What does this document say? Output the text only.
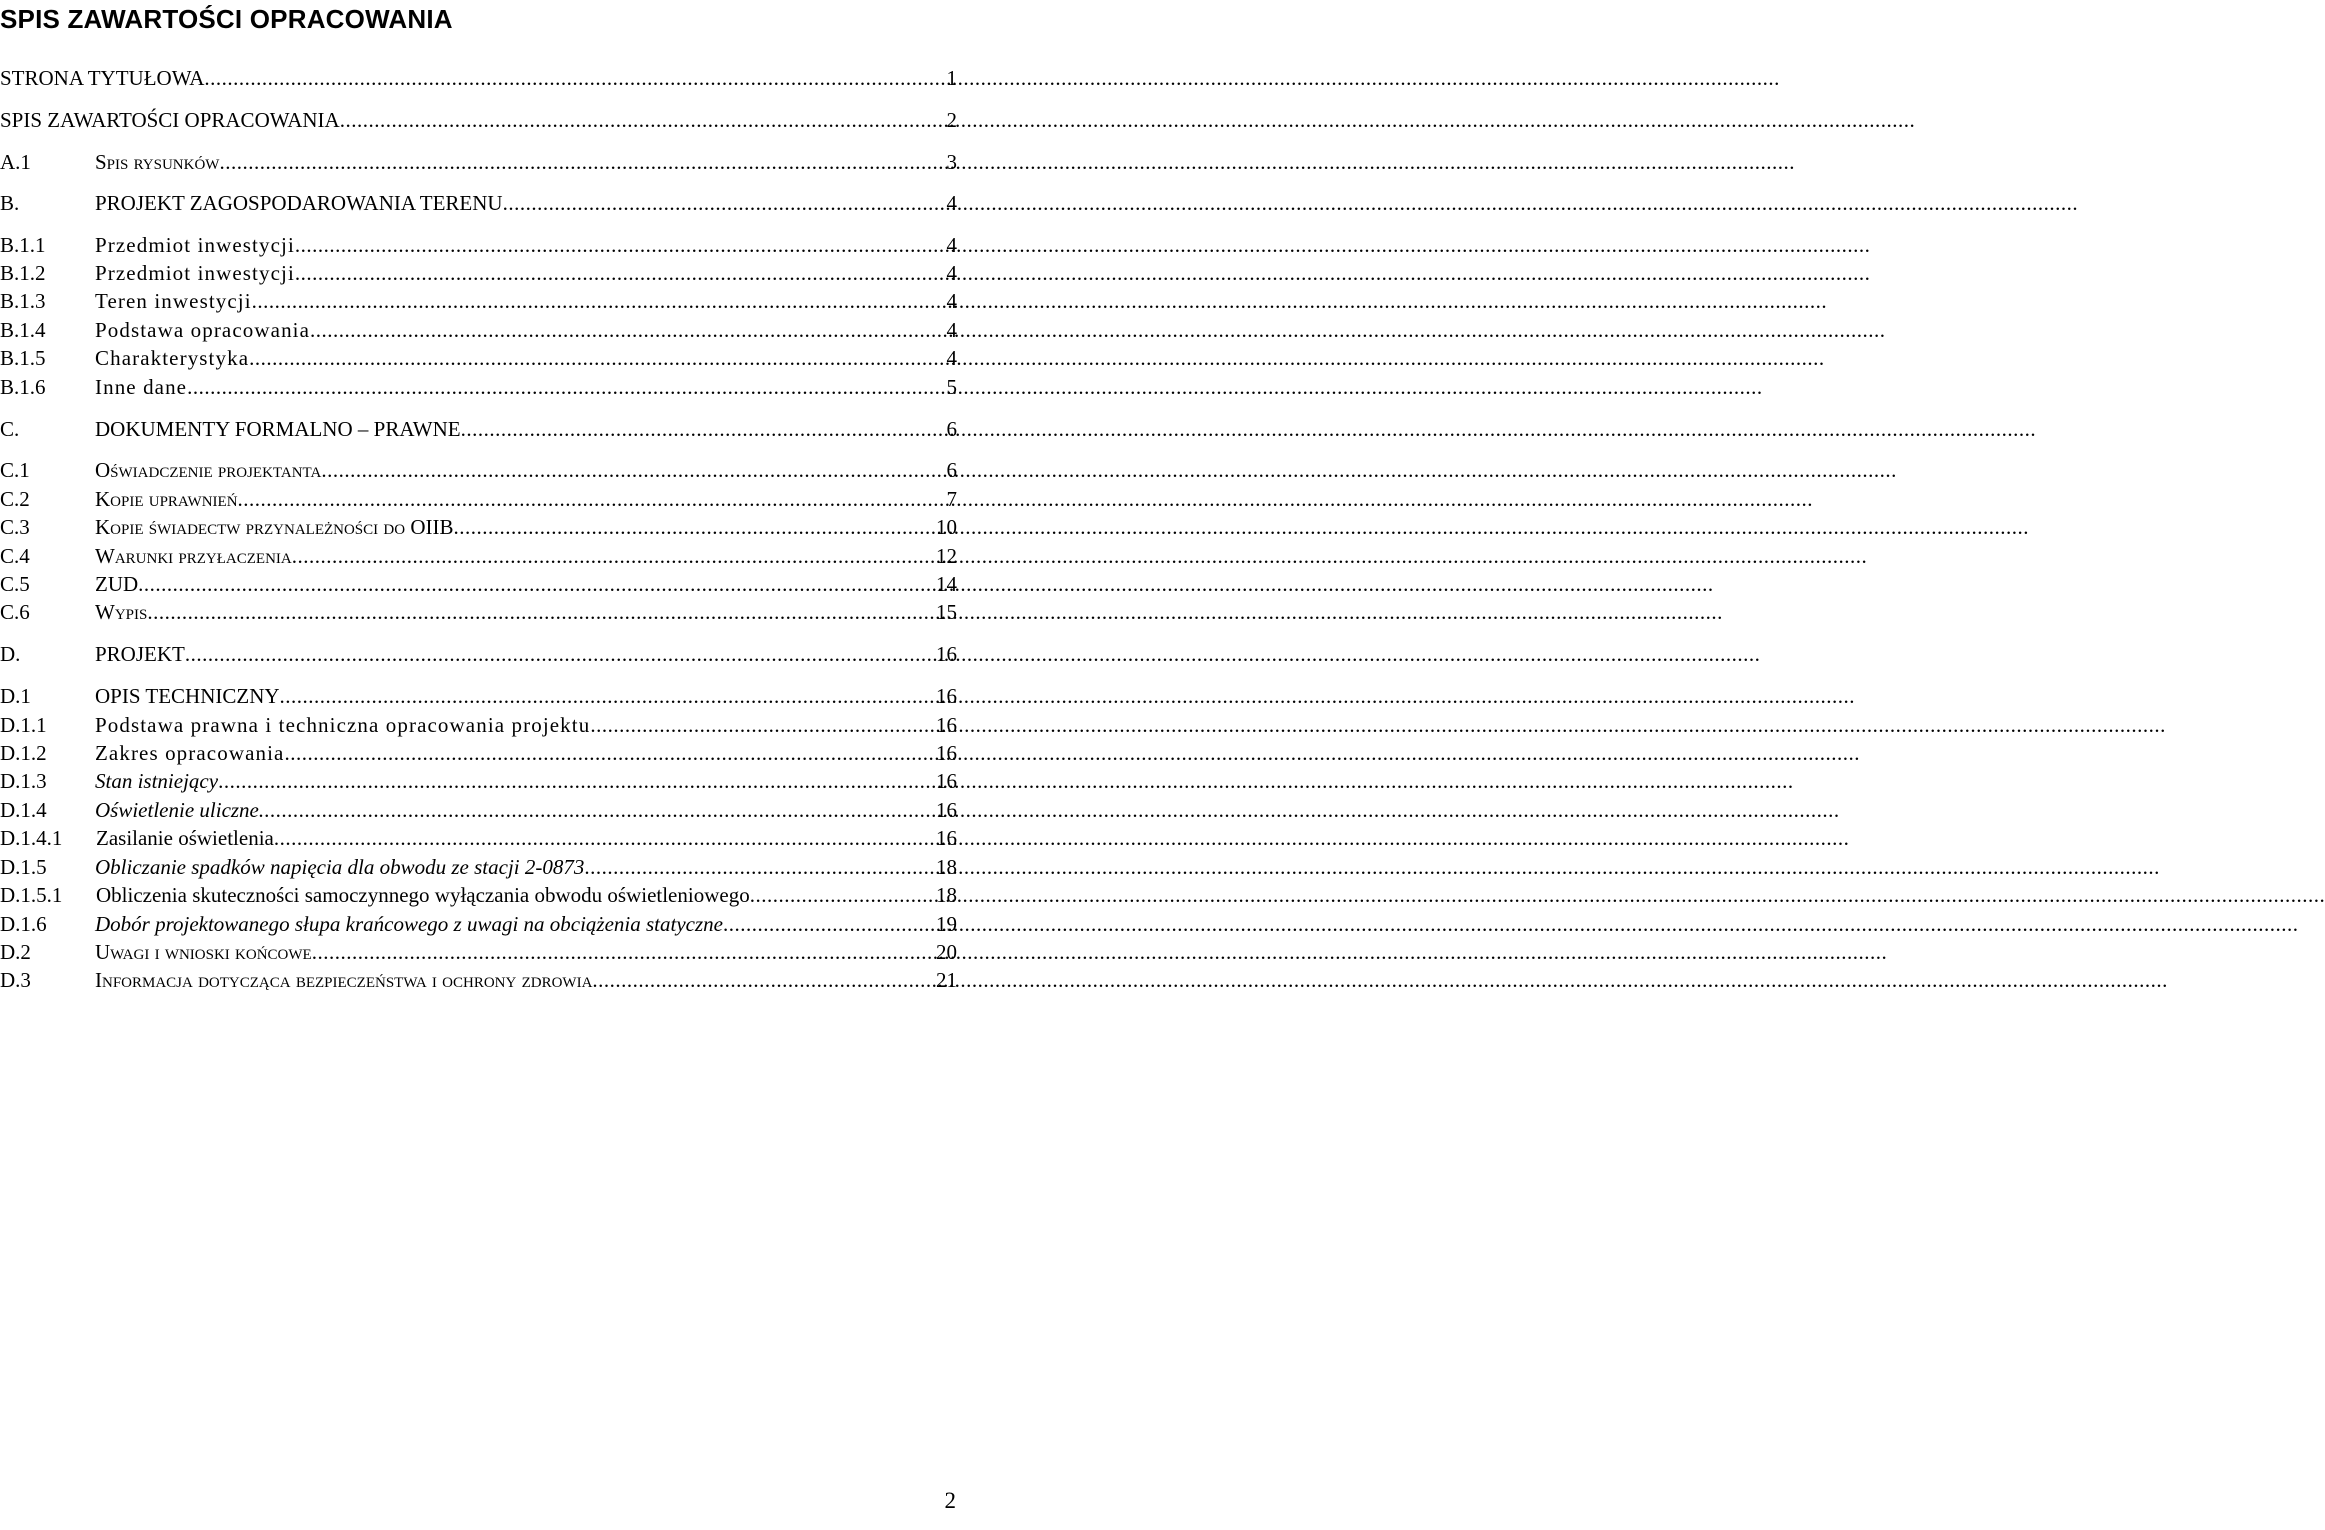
SPIS ZAWARTOŚCI OPRACOWANIA
STRONA TYTUŁOWA .....	1
SPIS ZAWARTOŚCI OPRACOWANIA .....	2
A.1	Spis rysunków .....	3
B.	PROJEKT ZAGOSPODAROWANIA TERENU .....	4
B.1.1	Przedmiot inwestycji .....	4
B.1.2	Przedmiot inwestycji .....	4
B.1.3	Teren inwestycji .....	4
B.1.4	Podstawa opracowania .....	4
B.1.5	Charakterystyka .....	4
B.1.6	Inne dane .....	5
C.	DOKUMENTY FORMALNO – PRAWNE .....	6
C.1	Oświadczenie projektanta .....	6
C.2	Kopie uprawnień .....	7
C.3	Kopie świadectw przynależności do OIIB .....	10
C.4	Warunki przyłaczenia .....	12
C.5	ZUD .....	14
C.6	Wypis .....	15
D.	PROJEKT .....	16
D.1	OPIS TECHNICZNY .....	16
D.1.1	Podstawa prawna i techniczna opracowania projektu .....	16
D.1.2	Zakres opracowania .....	16
D.1.3	Stan istniejący .....	16
D.1.4	Oświetlenie uliczne. .....	16
D.1.4.1	Zasilanie oświetlenia .....	16
D.1.5	Obliczanie spadków napięcia dla obwodu ze stacji 2-0873 .....	18
D.1.5.1	Obliczenia skuteczności samoczynnego wyłączania obwodu oświetleniowego .....	18
D.1.6	Dobór projektowanego słupa krańcowego z uwagi na obciążenia statyczne .....	19
D.2	Uwagi i wnioski końcowe .....	20
D.3	Informacja dotycząca bezpieczeństwa i ochrony zdrowia .....	21
2
